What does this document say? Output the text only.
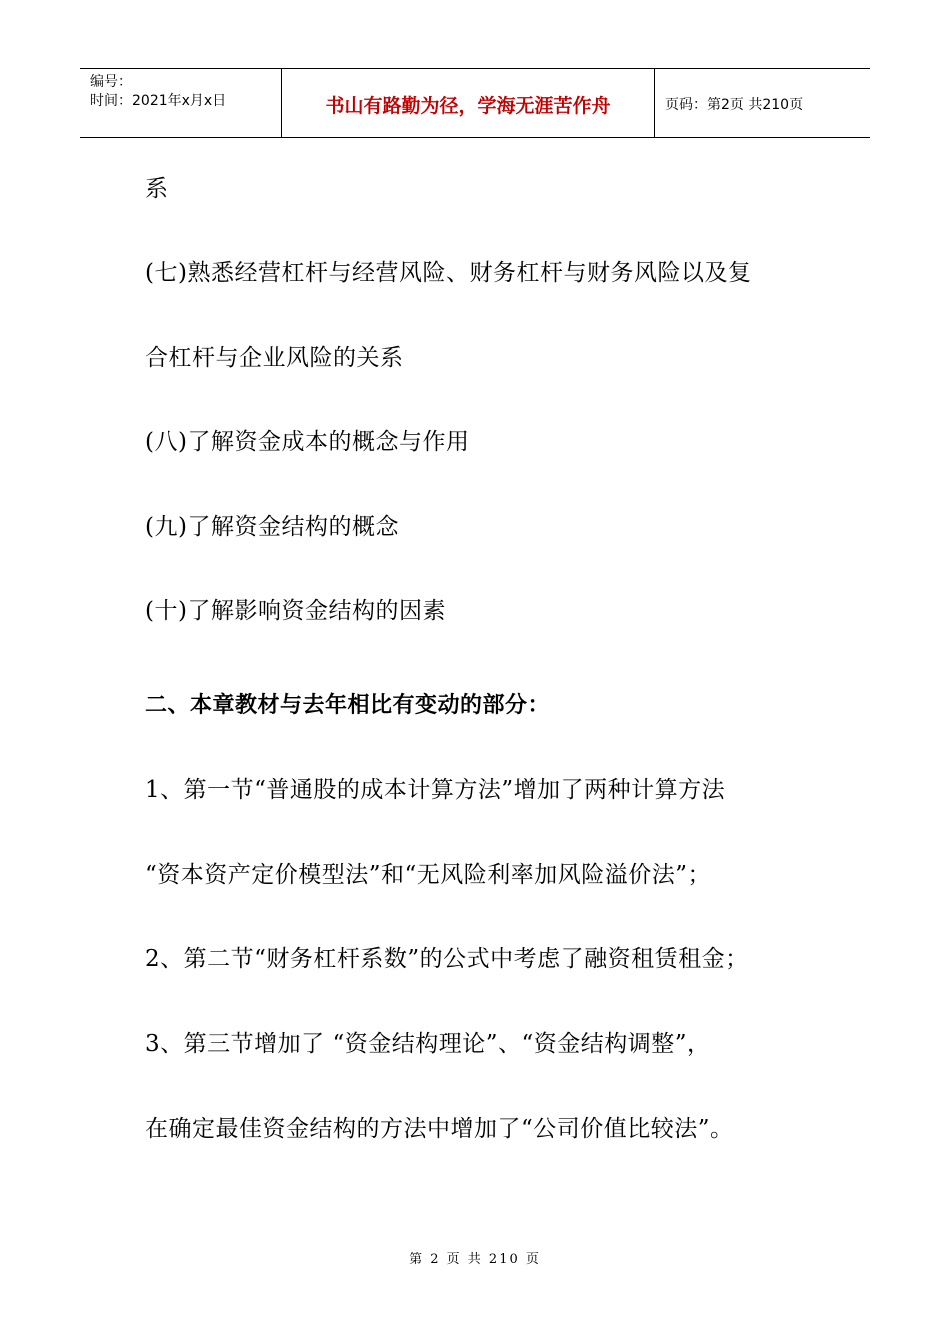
编号：
时间：2021年x月x日	书山有路勤为径，学海无涯苦作舟	页码：第2页 共210页
系
(七)熟悉经营杠杆与经营风险、财务杠杆与财务风险以及复
合杠杆与企业风险的关系
(八)了解资金成本的概念与作用
(九)了解资金结构的概念
(十)了解影响资金结构的因素
二、本章教材与去年相比有变动的部分：
1、第一节“普通股的成本计算方法”增加了两种计算方法
“资本资产定价模型法”和“无风险利率加风险溢价法”；
2、第二节“财务杠杆系数”的公式中考虑了融资租赁租金；
3、第三节增加了 “资金结构理论”、“资金结构调整”，
在确定最佳资金结构的方法中增加了“公司价值比较法”。
第 2 页 共 210 页
